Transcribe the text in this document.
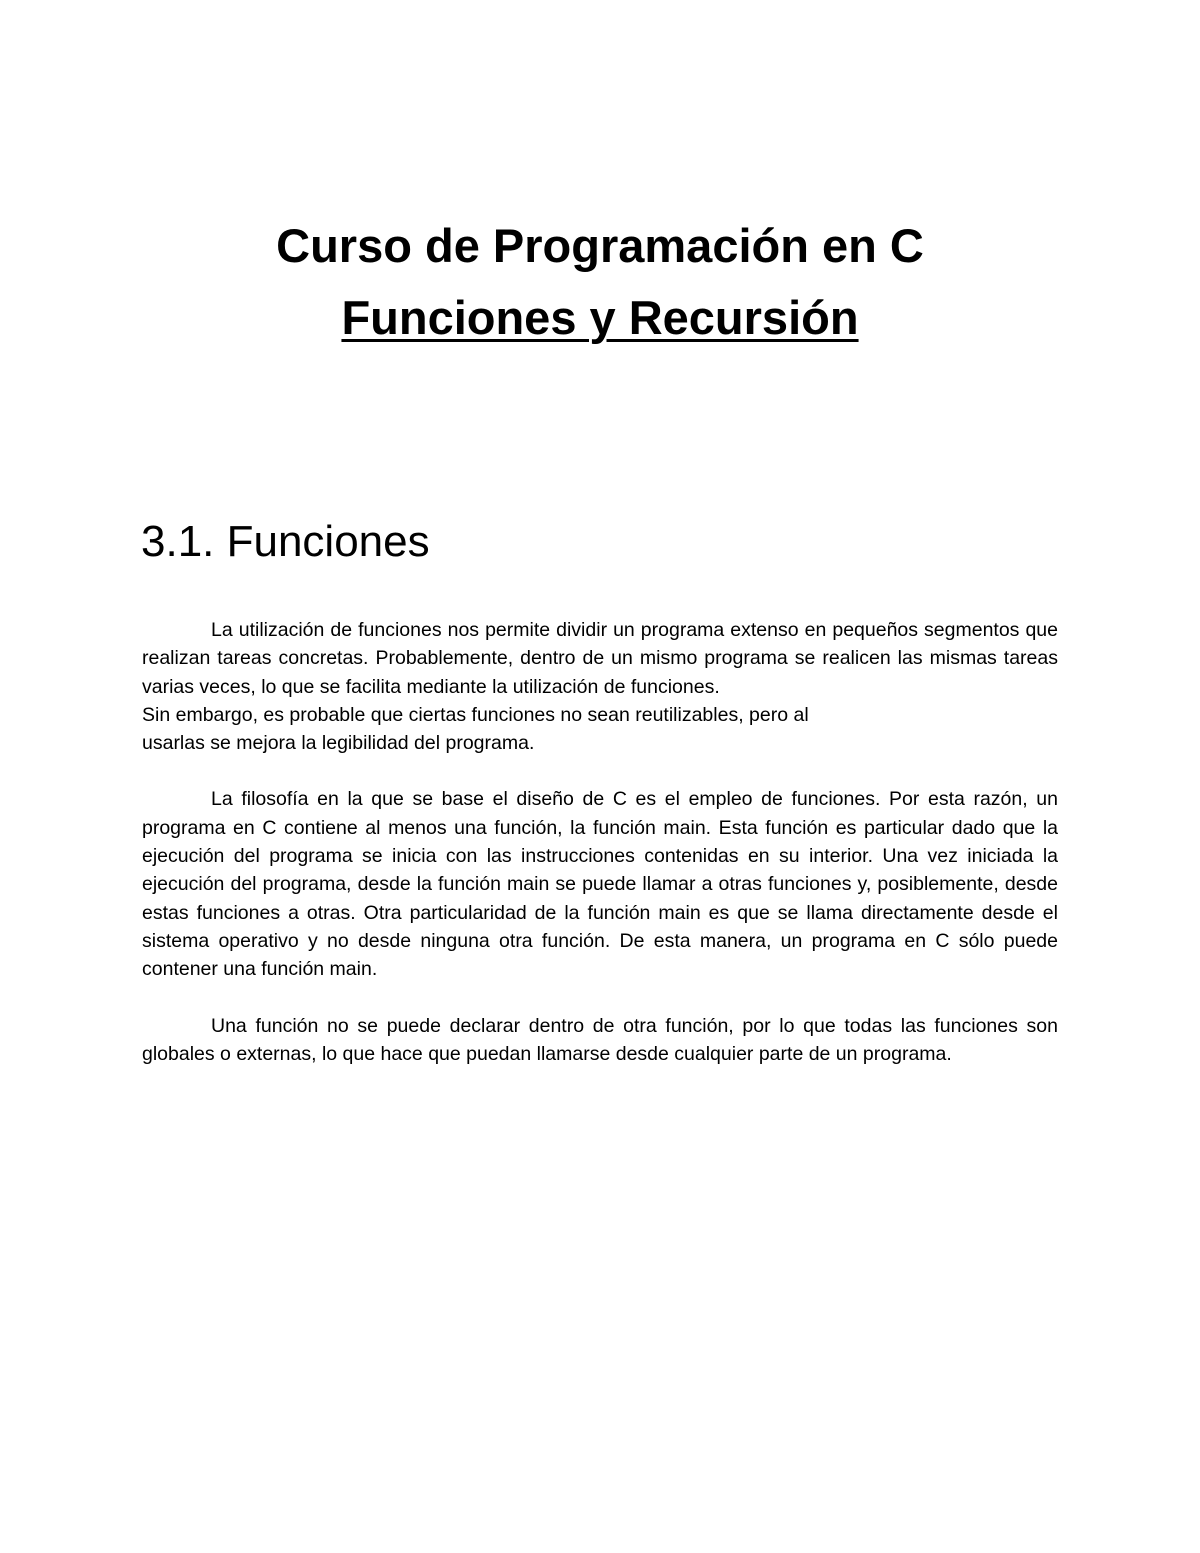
Curso de Programación en C
Funciones y Recursión
3.1. Funciones

La utilización de funciones nos permite dividir un programa extenso en pequeños segmentos que realizan tareas concretas. Probablemente, dentro de un mismo programa se realicen las mismas tareas varias veces, lo que se facilita mediante la utilización de funciones.

Sin embargo, es probable que ciertas funciones no sean reutilizables, pero al
usarlas se mejora la legibilidad del programa.

La filosofía en la que se base el diseño de C es el empleo de funciones. Por esta razón, un programa en C contiene al menos una función, la función main. Esta función es particular dado que la ejecución del programa se inicia con las instrucciones contenidas en su interior. Una vez iniciada la ejecución del programa, desde la función main se puede llamar a otras funciones y, posiblemente, desde estas funciones a otras. Otra particularidad de la función main es que se llama directamente desde el sistema operativo y no desde ninguna otra función. De esta manera, un programa en C sólo puede contener una función main.

Una función no se puede declarar dentro de otra función, por lo que todas las funciones son globales o externas, lo que hace que puedan llamarse desde cualquier parte de un programa.
